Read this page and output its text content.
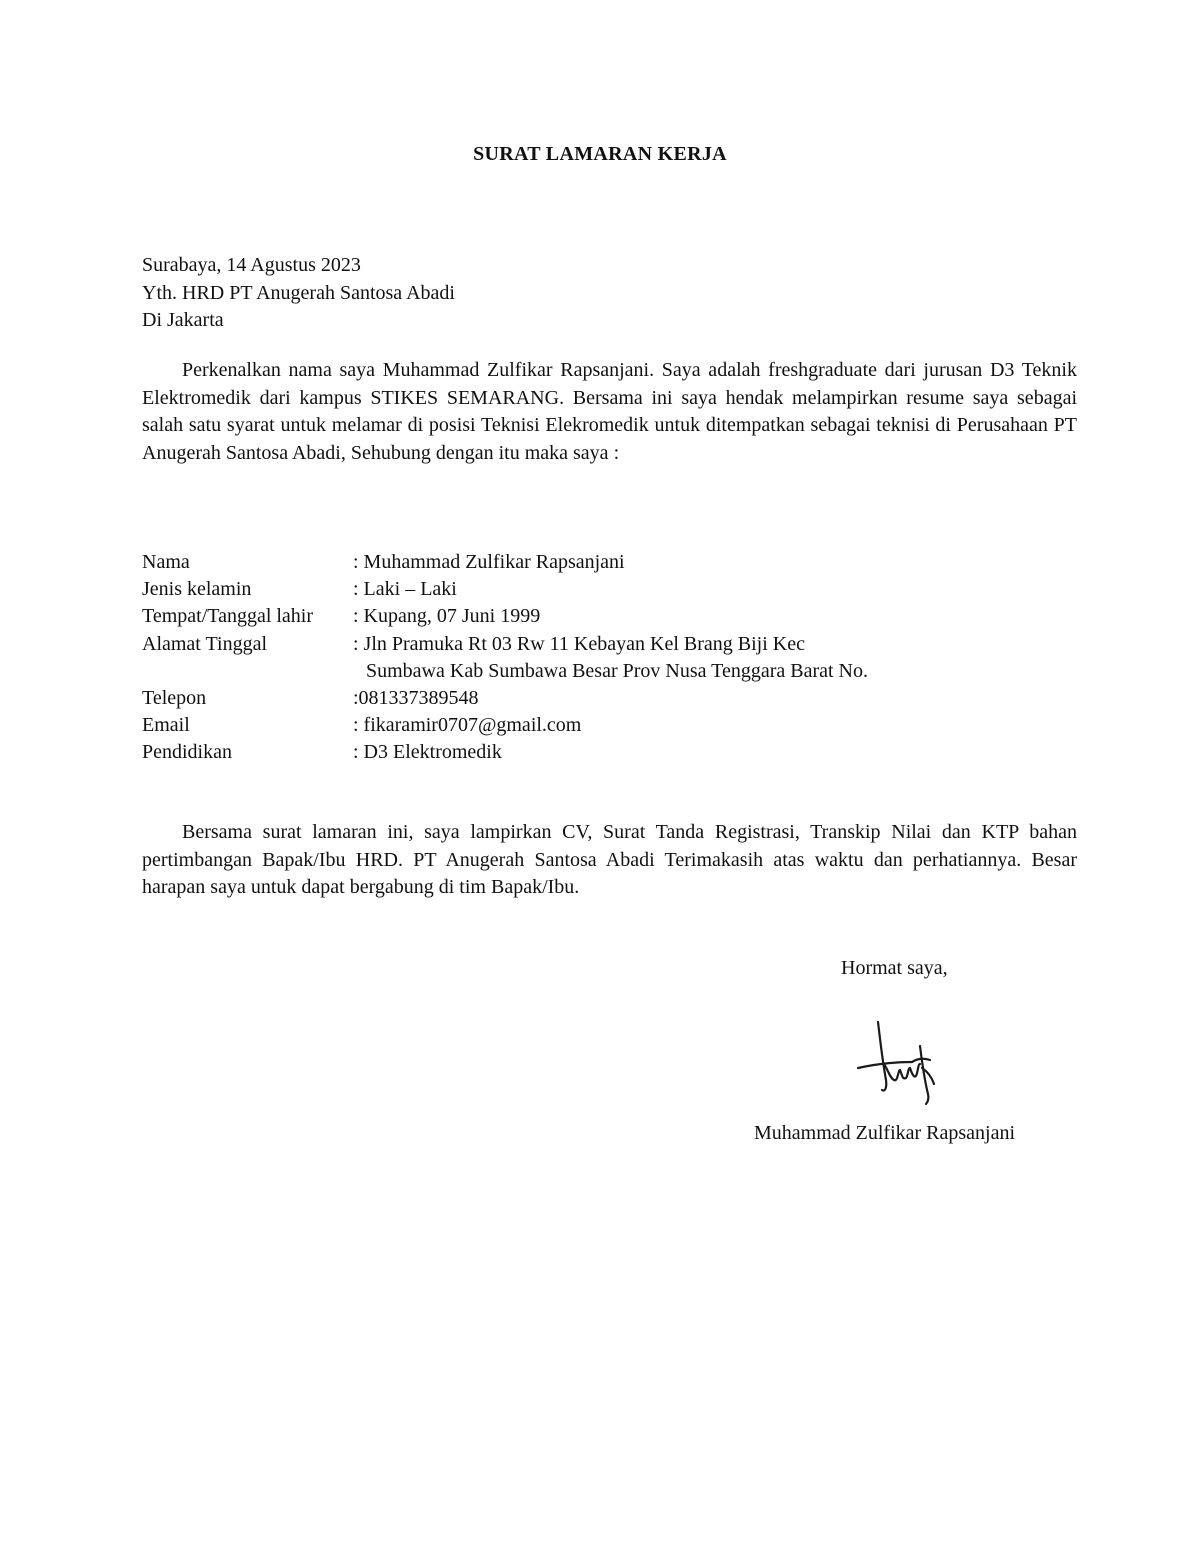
SURAT LAMARAN KERJA
Surabaya, 14 Agustus 2023
Yth. HRD PT Anugerah Santosa Abadi
Di Jakarta

Perkenalkan nama saya Muhammad Zulfikar Rapsanjani. Saya adalah freshgraduate dari jurusan D3 Teknik Elektromedik dari kampus STIKES SEMARANG. Bersama ini saya hendak melampirkan resume saya sebagai salah satu syarat untuk melamar di posisi Teknisi Elekromedik untuk ditempatkan sebagai teknisi di Perusahaan PT Anugerah Santosa Abadi, Sehubung dengan itu maka saya :

Nama	: Muhammad Zulfikar Rapsanjani
Jenis kelamin	: Laki – Laki
Tempat/Tanggal lahir	: Kupang, 07 Juni 1999
Alamat Tinggal	: Jln Pramuka Rt 03 Rw 11 Kebayan Kel Brang Biji Kec
Sumbawa Kab Sumbawa Besar Prov Nusa Tenggara Barat No.
Telepon	:081337389548
Email	: fikaramir0707@gmail.com
Pendidikan	: D3 Elektromedik

Bersama surat lamaran ini, saya lampirkan CV, Surat Tanda Registrasi, Transkip Nilai dan KTP bahan pertimbangan Bapak/Ibu HRD. PT Anugerah Santosa Abadi Terimakasih atas waktu dan perhatiannya. Besar harapan saya untuk dapat bergabung di tim Bapak/Ibu.

Hormat saya,
Muhammad Zulfikar Rapsanjani
